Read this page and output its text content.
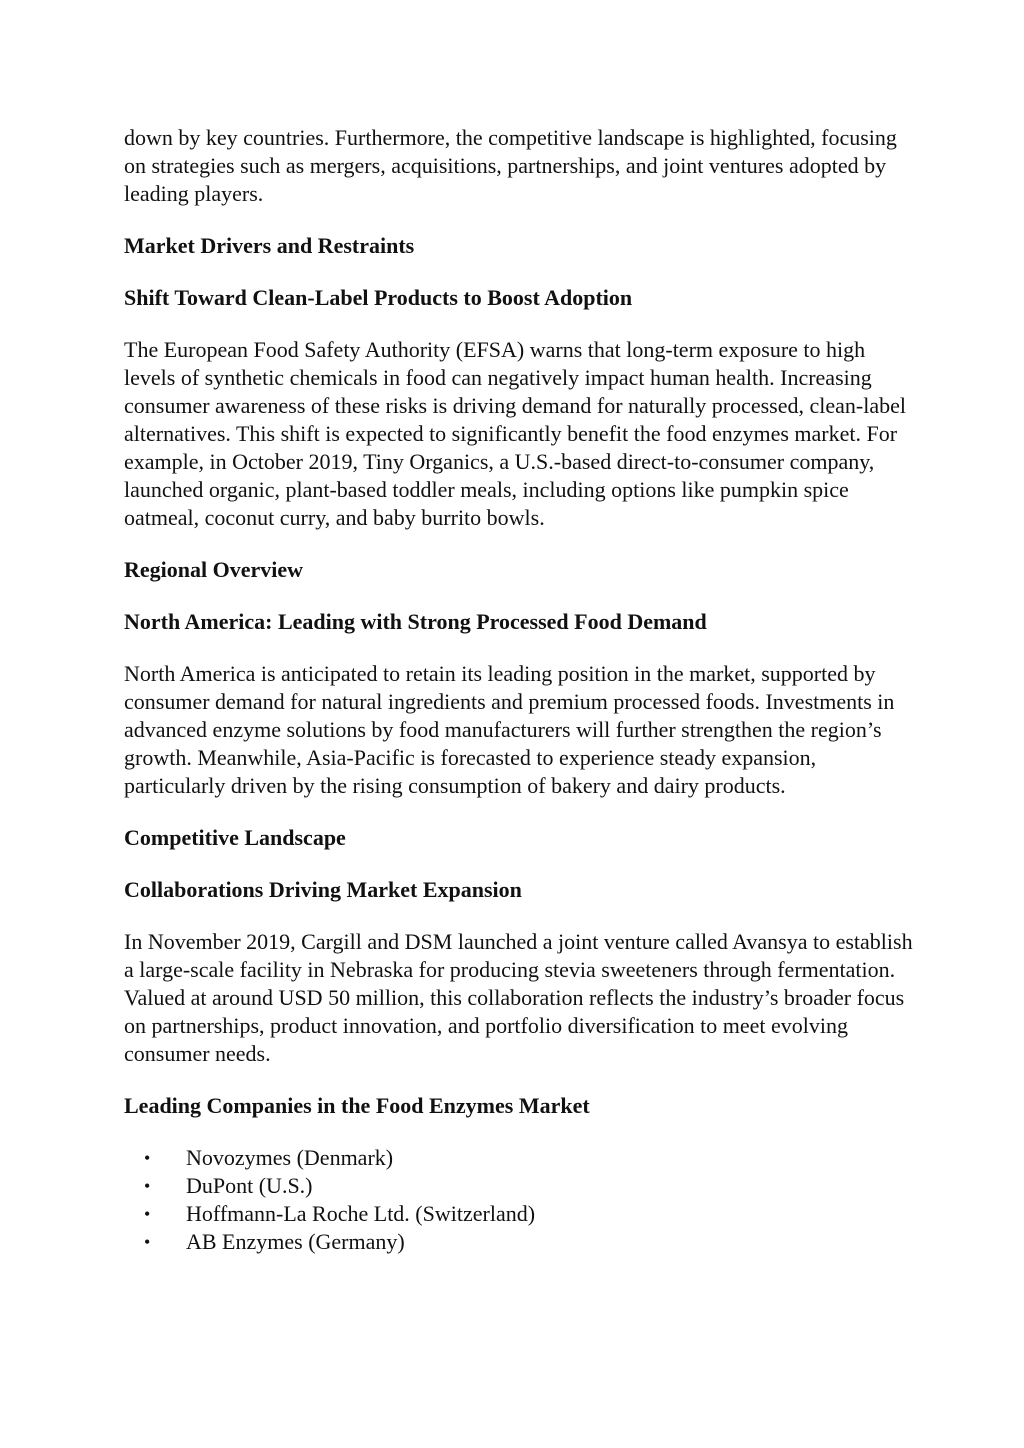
down by key countries. Furthermore, the competitive landscape is highlighted, focusing on strategies such as mergers, acquisitions, partnerships, and joint ventures adopted by leading players.

Market Drivers and Restraints
Shift Toward Clean-Label Products to Boost Adoption

The European Food Safety Authority (EFSA) warns that long-term exposure to high levels of synthetic chemicals in food can negatively impact human health. Increasing consumer awareness of these risks is driving demand for naturally processed, clean-label alternatives. This shift is expected to significantly benefit the food enzymes market. For example, in October 2019, Tiny Organics, a U.S.-based direct-to-consumer company, launched organic, plant-based toddler meals, including options like pumpkin spice oatmeal, coconut curry, and baby burrito bowls.

Regional Overview
North America: Leading with Strong Processed Food Demand

North America is anticipated to retain its leading position in the market, supported by consumer demand for natural ingredients and premium processed foods. Investments in advanced enzyme solutions by food manufacturers will further strengthen the region’s growth. Meanwhile, Asia-Pacific is forecasted to experience steady expansion, particularly driven by the rising consumption of bakery and dairy products.

Competitive Landscape
Collaborations Driving Market Expansion

In November 2019, Cargill and DSM launched a joint venture called Avansya to establish a large-scale facility in Nebraska for producing stevia sweeteners through fermentation. Valued at around USD 50 million, this collaboration reflects the industry’s broader focus on partnerships, product innovation, and portfolio diversification to meet evolving consumer needs.

Leading Companies in the Food Enzymes Market
• Novozymes (Denmark)
• DuPont (U.S.)
• Hoffmann-La Roche Ltd. (Switzerland)
• AB Enzymes (Germany)
